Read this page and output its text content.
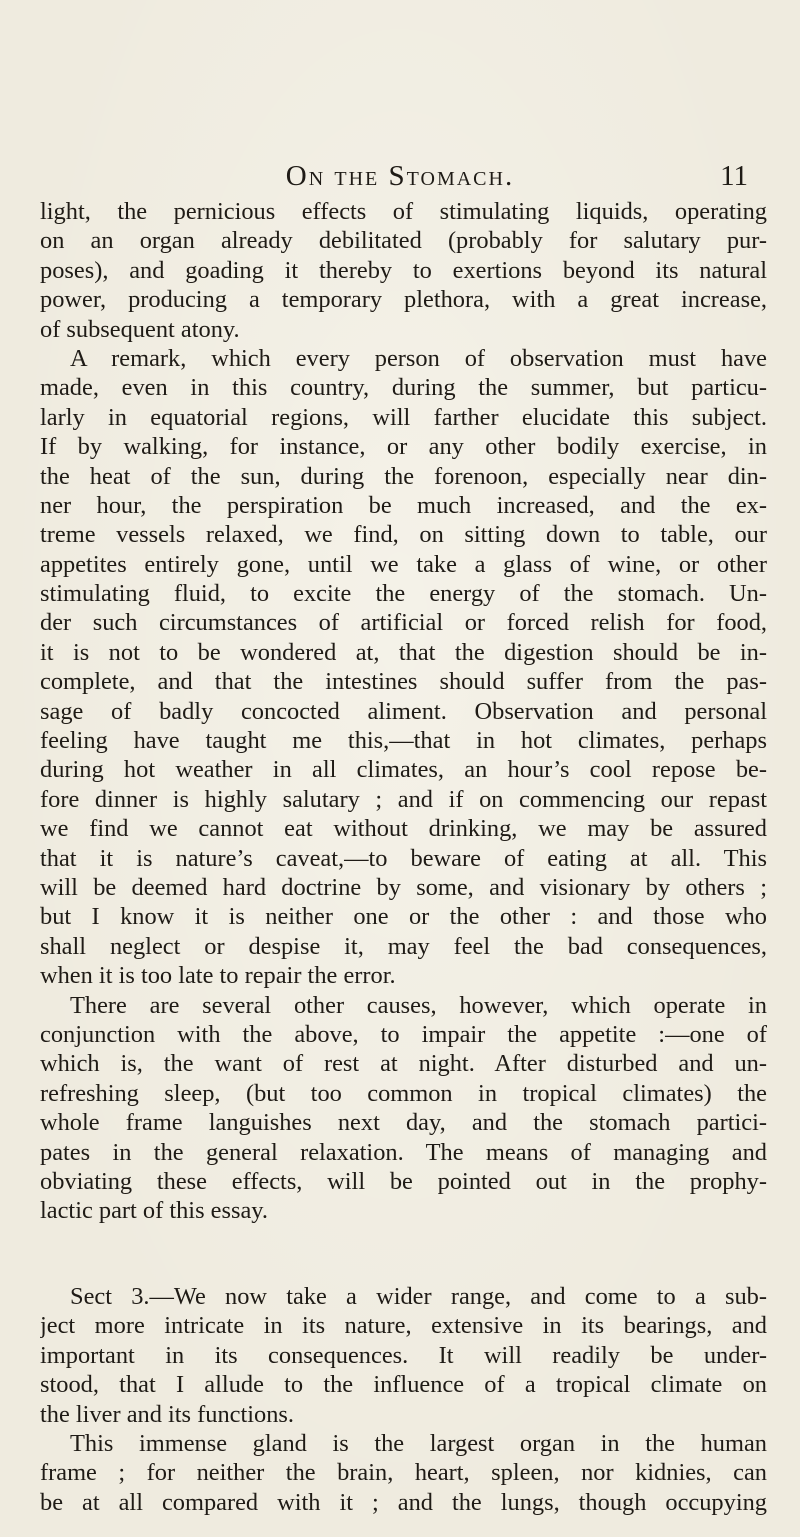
On the Stomach.	11
light, the pernicious effects of stimulating liquids, operating
on an organ already debilitated (probably for salutary pur-
poses), and goading it thereby to exertions beyond its natural
power, producing a temporary plethora, with a great increase,
of subsequent atony.
A remark, which every person of observation must have
made, even in this country, during the summer, but particu-
larly in equatorial regions, will farther elucidate this subject.
If by walking, for instance, or any other bodily exercise, in
the heat of the sun, during the forenoon, especially near din-
ner hour, the perspiration be much increased, and the ex-
treme vessels relaxed, we find, on sitting down to table, our
appetites entirely gone, until we take a glass of wine, or other
stimulating fluid, to excite the energy of the stomach. Un-
der such circumstances of artificial or forced relish for food,
it is not to be wondered at, that the digestion should be in-
complete, and that the intestines should suffer from the pas-
sage of badly concocted aliment. Observation and personal
feeling have taught me this,—that in hot climates, perhaps
during hot weather in all climates, an hour’s cool repose be-
fore dinner is highly salutary ; and if on commencing our repast
we find we cannot eat without drinking, we may be assured
that it is nature’s caveat,—to beware of eating at all. This
will be deemed hard doctrine by some, and visionary by others ;
but I know it is neither one or the other : and those who
shall neglect or despise it, may feel the bad consequences,
when it is too late to repair the error.
There are several other causes, however, which operate in
conjunction with the above, to impair the appetite :—one of
which is, the want of rest at night. After disturbed and un-
refreshing sleep, (but too common in tropical climates) the
whole frame languishes next day, and the stomach partici-
pates in the general relaxation. The means of managing and
obviating these effects, will be pointed out in the prophy-
lactic part of this essay.
Sect 3.—We now take a wider range, and come to a sub-
ject more intricate in its nature, extensive in its bearings, and
important in its consequences. It will readily be under-
stood, that I allude to the influence of a tropical climate on
the liver and its functions.
This immense gland is the largest organ in the human
frame ; for neither the brain, heart, spleen, nor kidnies, can
be at all compared with it ; and the lungs, though occupying
